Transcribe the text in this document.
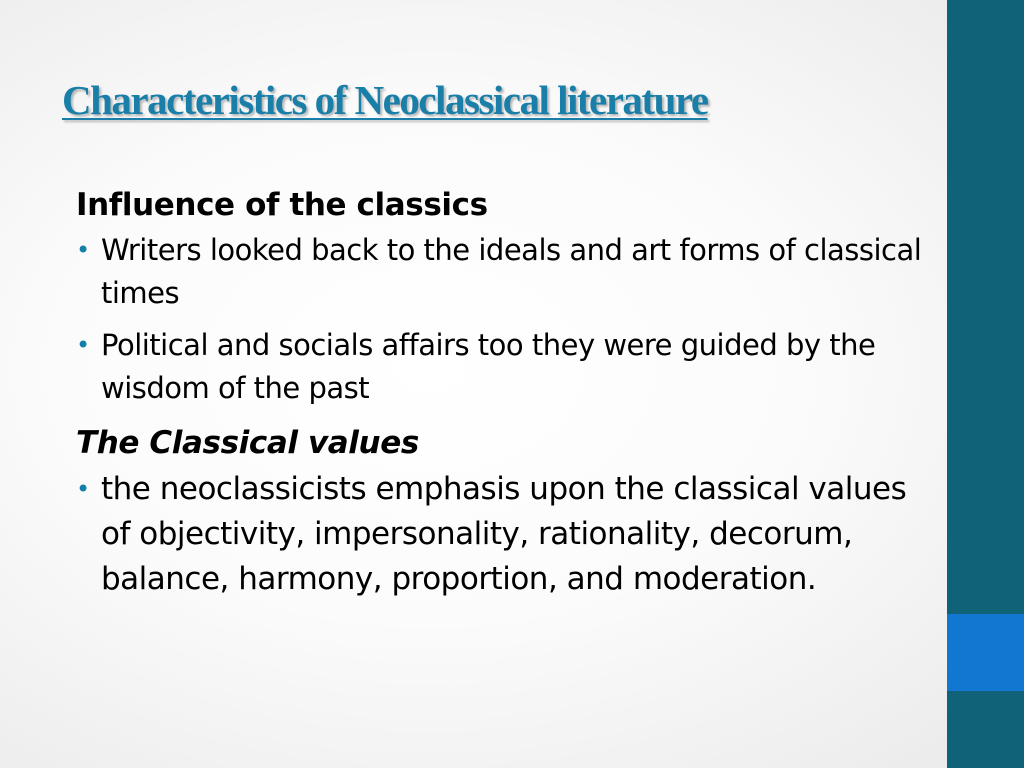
Characteristics of Neoclassical literature
Influence of the classics
• Writers looked back to the ideals and art forms of classical times
• Political and socials affairs too they were guided by the wisdom of the past
The Classical values
• the neoclassicists emphasis upon the classical values of objectivity, impersonality, rationality, decorum, balance, harmony, proportion, and moderation.
